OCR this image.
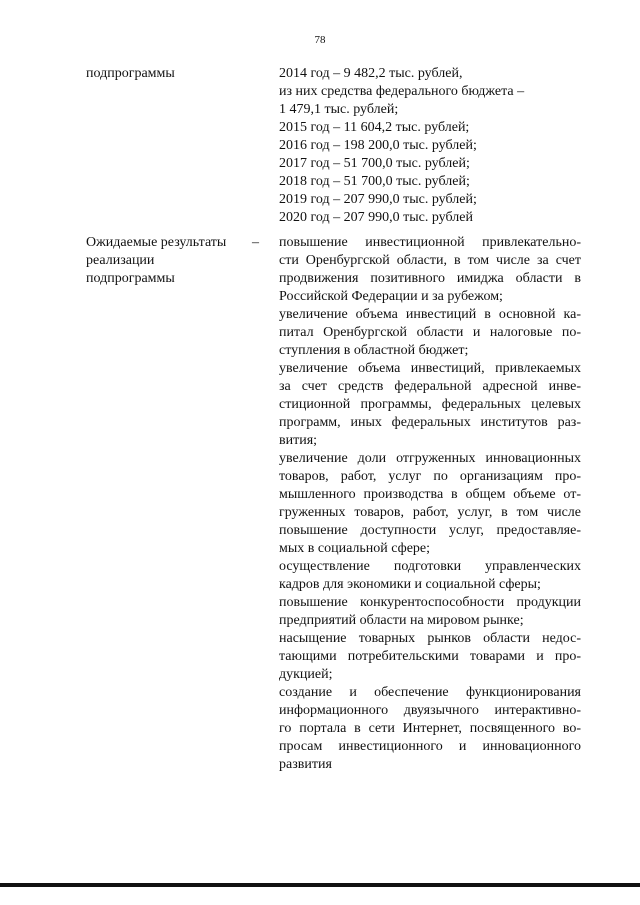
78
подпрограммы	2014 год – 9 482,2 тыс. рублей,
из них средства федерального бюджета –
1 479,1 тыс. рублей;
2015 год – 11 604,2 тыс. рублей;
2016 год – 198 200,0 тыс. рублей;
2017 год – 51 700,0 тыс. рублей;
2018 год – 51 700,0 тыс. рублей;
2019 год – 207 990,0 тыс. рублей;
2020 год – 207 990,0 тыс. рублей
Ожидаемые результаты
реализации
подпрограммы
– повышение инвестиционной привлекательно-
сти Оренбургской области, в том числе за счет
продвижения позитивного имиджа области в
Российской Федерации и за рубежом;
увеличение объема инвестиций в основной ка-
питал Оренбургской области и налоговые по-
ступления в областной бюджет;
увеличение объема инвестиций, привлекаемых
за счет средств федеральной адресной инве-
стиционной программы, федеральных целевых
программ, иных федеральных институтов раз-
вития;
увеличение доли отгруженных инновационных
товаров, работ, услуг по организациям про-
мышленного производства в общем объеме от-
груженных товаров, работ, услуг, в том числе
повышение доступности услуг, предоставляе-
мых в социальной сфере;
осуществление подготовки управленческих
кадров для экономики и социальной сферы;
повышение конкурентоспособности продукции
предприятий области на мировом рынке;
насыщение товарных рынков области недос-
тающими потребительскими товарами и про-
дукцией;
создание и обеспечение функционирования
информационного двуязычного интерактивно-
го портала в сети Интернет, посвященного во-
просам инвестиционного и инновационного
развития
